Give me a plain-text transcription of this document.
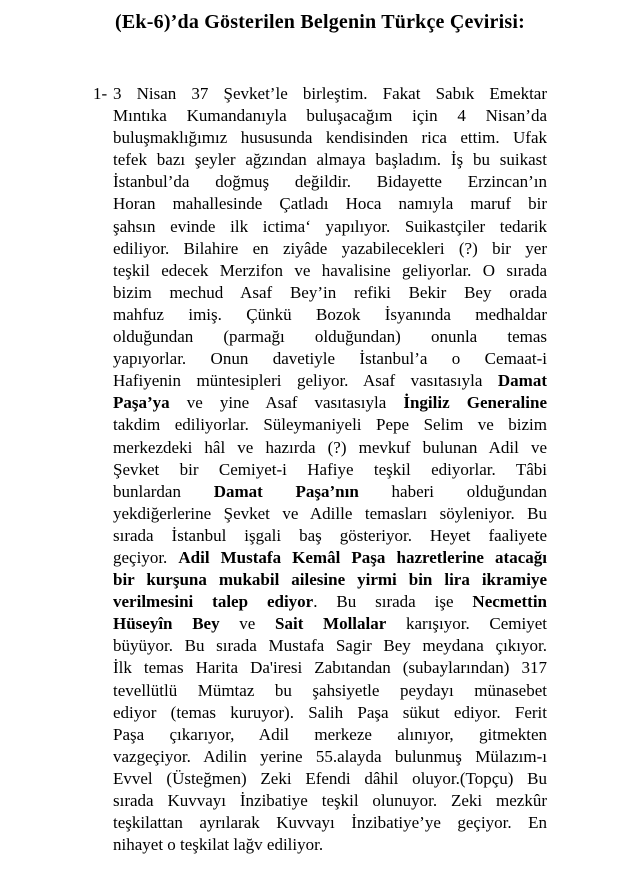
(Ek-6)’da Gösterilen Belgenin Türkçe Çevirisi:
1- 3 Nisan 37 Şevket’le birleştim. Fakat Sabık Emektar
Mıntıka Kumandanıyla buluşacağım için 4 Nisan’da
buluşmaklığımız hususunda kendisinden rica ettim. Ufak
tefek bazı şeyler ağzından almaya başladım. İş bu suikast
İstanbul’da doğmuş değildir. Bidayette Erzincan’ın
Horan mahallesinde Çatladı Hoca namıyla maruf bir
şahsın evinde ilk ictima‘ yapılıyor. Suikastçiler tedarik
ediliyor. Bilahire en ziyâde yazabilecekleri (?) bir yer
teşkil edecek Merzifon ve havalisine geliyorlar. O sırada
bizim mechud Asaf Bey’in refiki Bekir Bey orada
mahfuz imiş. Çünkü Bozok İsyanında medhaldar
olduğundan (parmağı olduğundan) onunla temas
yapıyorlar. Onun davetiyle İstanbul’a o Cemaat-i
Hafiyenin müntesipleri geliyor. Asaf vasıtasıyla Damat
Paşa’ya ve yine Asaf vasıtasıyla İngiliz Generaline
takdim ediliyorlar. Süleymaniyeli Pepe Selim ve bizim
merkezdeki hâl ve hazırda (?) mevkuf bulunan Adil ve
Şevket bir Cemiyet-i Hafiye teşkil ediyorlar. Tâbi
bunlardan Damat Paşa’nın haberi olduğundan
yekdiğerlerine Şevket ve Adille temasları söyleniyor. Bu
sırada İstanbul işgali baş gösteriyor. Heyet faaliyete
geçiyor. Adil Mustafa Kemâl Paşa hazretlerine atacağı
bir kurşuna mukabil ailesine yirmi bin lira ikramiye
verilmesini talep ediyor. Bu sırada işe Necmettin
Hüseyîn Bey ve Sait Mollalar karışıyor. Cemiyet
büyüyor. Bu sırada Mustafa Sagir Bey meydana çıkıyor.
İlk temas Harita Da'iresi Zabıtandan (subaylarından) 317
tevellütlü Mümtaz bu şahsiyetle peydayı münasebet
ediyor (temas kuruyor). Salih Paşa sükut ediyor. Ferit
Paşa çıkarıyor, Adil merkeze alınıyor, gitmekten
vazgeçiyor. Adilin yerine 55.alayda bulunmuş Mülazım-ı
Evvel (Üsteğmen) Zeki Efendi dâhil oluyor.(Topçu) Bu
sırada Kuvvayı İnzibatiye teşkil olunuyor. Zeki mezkûr
teşkilattan ayrılarak Kuvvayı İnzibatiye’ye geçiyor. En
nihayet o teşkilat lağv ediliyor.
